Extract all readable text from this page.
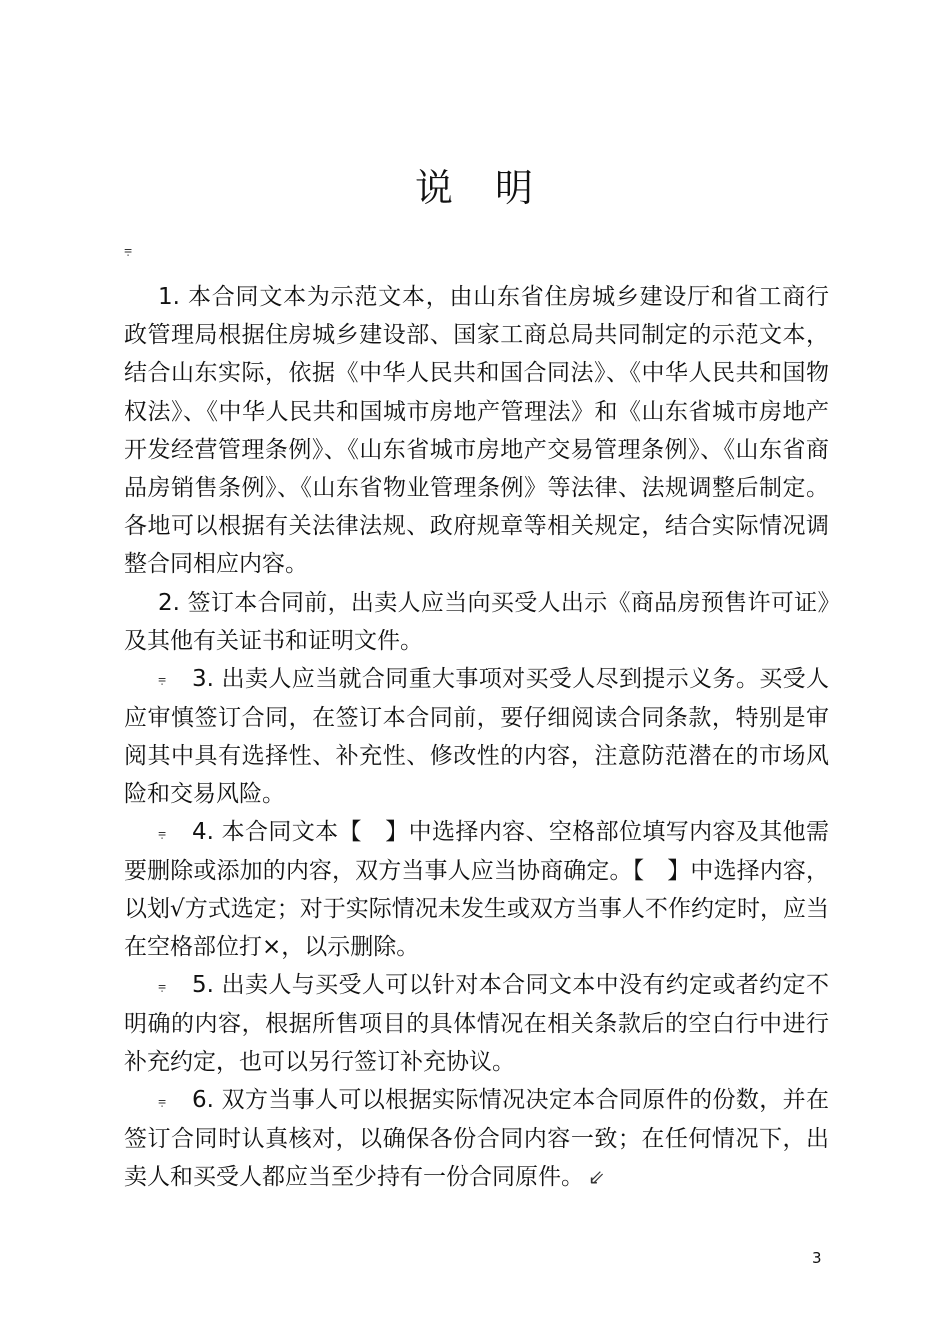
说　明
⩦

1. 本合同文本为示范文本，由山东省住房城乡建设厅和省工商行政管理局根据住房城乡建设部、国家工商总局共同制定的示范文本，结合山东实际，依据《中华人民共和国合同法》、《中华人民共和国物权法》、《中华人民共和国城市房地产管理法》和《山东省城市房地产开发经营管理条例》、《山东省城市房地产交易管理条例》、《山东省商品房销售条例》、《山东省物业管理条例》等法律、法规调整后制定。各地可以根据有关法律法规、政府规章等相关规定，结合实际情况调整合同相应内容。

2. 签订本合同前，出卖人应当向买受人出示《商品房预售许可证》及其他有关证书和证明文件。

⩦ 3. 出卖人应当就合同重大事项对买受人尽到提示义务。买受人应审慎签订合同，在签订本合同前，要仔细阅读合同条款，特别是审阅其中具有选择性、补充性、修改性的内容，注意防范潜在的市场风险和交易风险。

⩦ 4. 本合同文本【　】中选择内容、空格部位填写内容及其他需要删除或添加的内容，双方当事人应当协商确定。【　】中选择内容，以划√方式选定；对于实际情况未发生或双方当事人不作约定时，应当在空格部位打×，以示删除。

⩦ 5. 出卖人与买受人可以针对本合同文本中没有约定或者约定不明确的内容，根据所售项目的具体情况在相关条款后的空白行中进行补充约定，也可以另行签订补充协议。

⩦ 6. 双方当事人可以根据实际情况决定本合同原件的份数，并在签订合同时认真核对，以确保各份合同内容一致；在任何情况下，出卖人和买受人都应当至少持有一份合同原件。 ⇙

3
